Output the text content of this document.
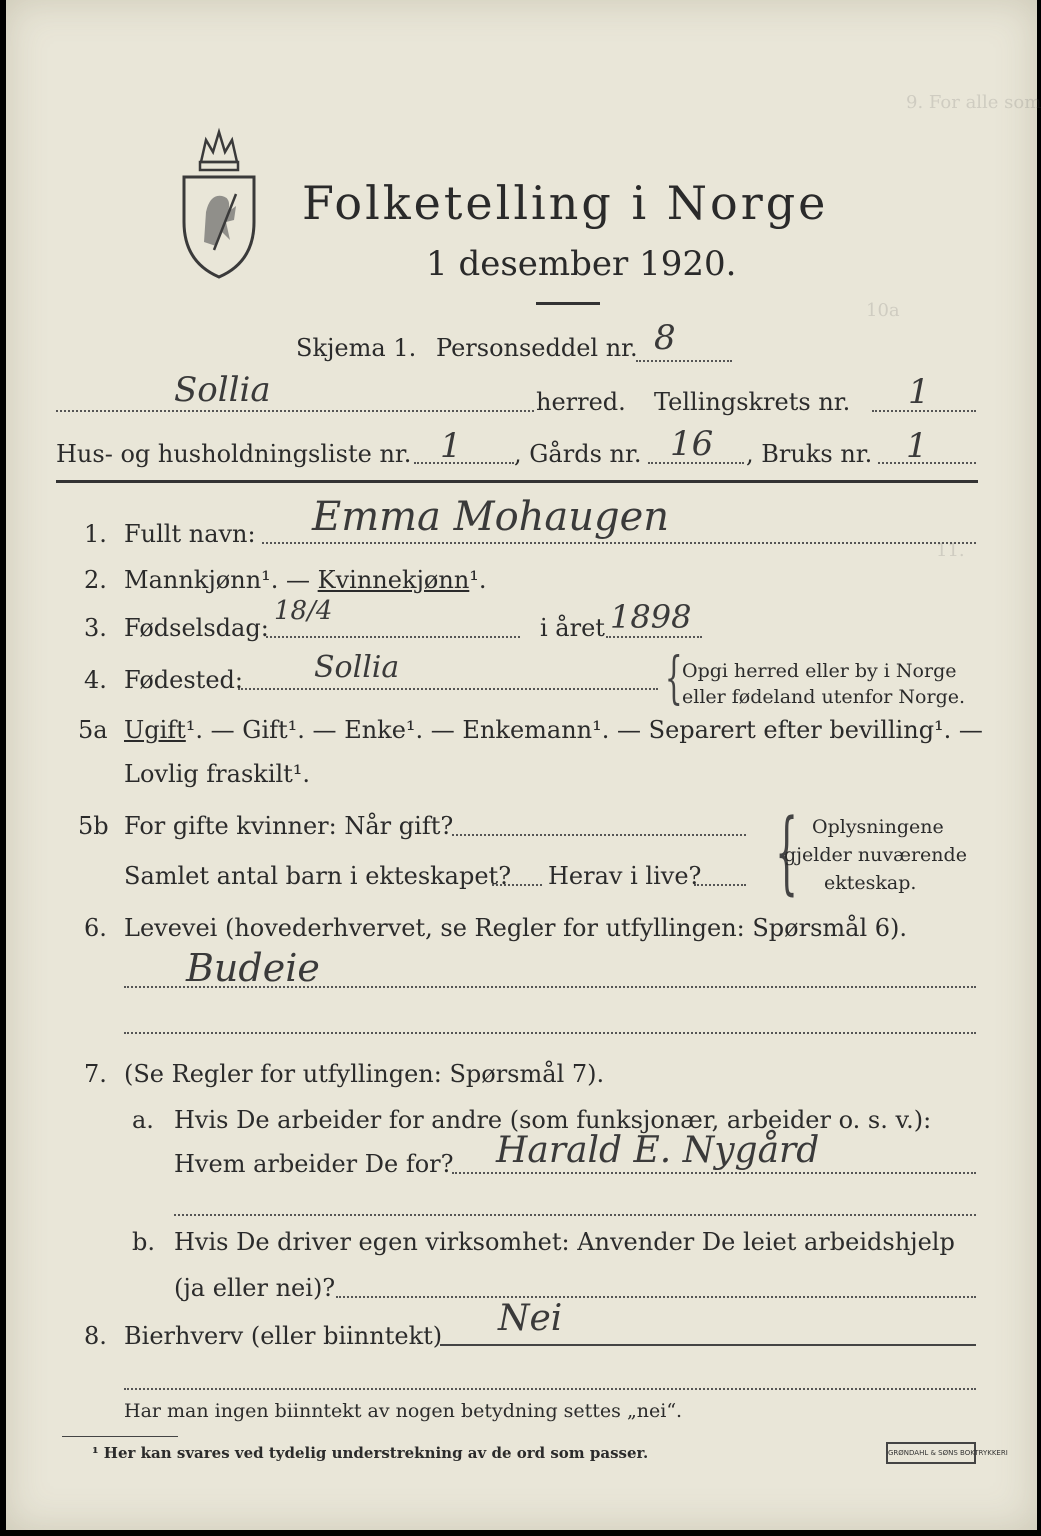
9. For alle som
10a
11.
Folketelling i Norge
1 desember 1920.
Skjema 1. Personseddel nr. 8
Sollia	herred. Tellingskrets nr. 1
Hus- og husholdningsliste nr. 1 , Gårds nr. 16 , Bruks nr. 1
1. Fullt navn: Emma Mohaugen
2. Mannkjønn¹. — Kvinnekjønn¹.
3. Fødselsdag:
18/4
i året 1898
4. Fødested: Sollia	{ Opgi herred eller by i Norge
eller fødeland utenfor Norge.
5a Ugift¹. — Gift¹. — Enke¹. — Enkemann¹. — Separert efter bevilling¹. —
Lovlig fraskilt¹.
5b For gifte kvinner: Når gift?
Samlet antal barn i ekteskapet? Herav i live? { Oplysningene
gjelder nuværende
ekteskap.
6. Levevei (hovederhvervet, se Regler for utfyllingen: Spørsmål 6).
Budeie
7. (Se Regler for utfyllingen: Spørsmål 7).
a. Hvis De arbeider for andre (som funksjonær, arbeider o. s. v.):
Hvem arbeider De for? Harald E. Nygård
b. Hvis De driver egen virksomhet: Anvender De leiet arbeidshjelp
(ja eller nei)?
8. Bierhverv (eller biinntekt) Nei
Har man ingen biinntekt av nogen betydning settes „nei“.
¹ Her kan svares ved tydelig understrekning av de ord som passer.	GRØNDAHL & SØNS BOKTRYKKERI
